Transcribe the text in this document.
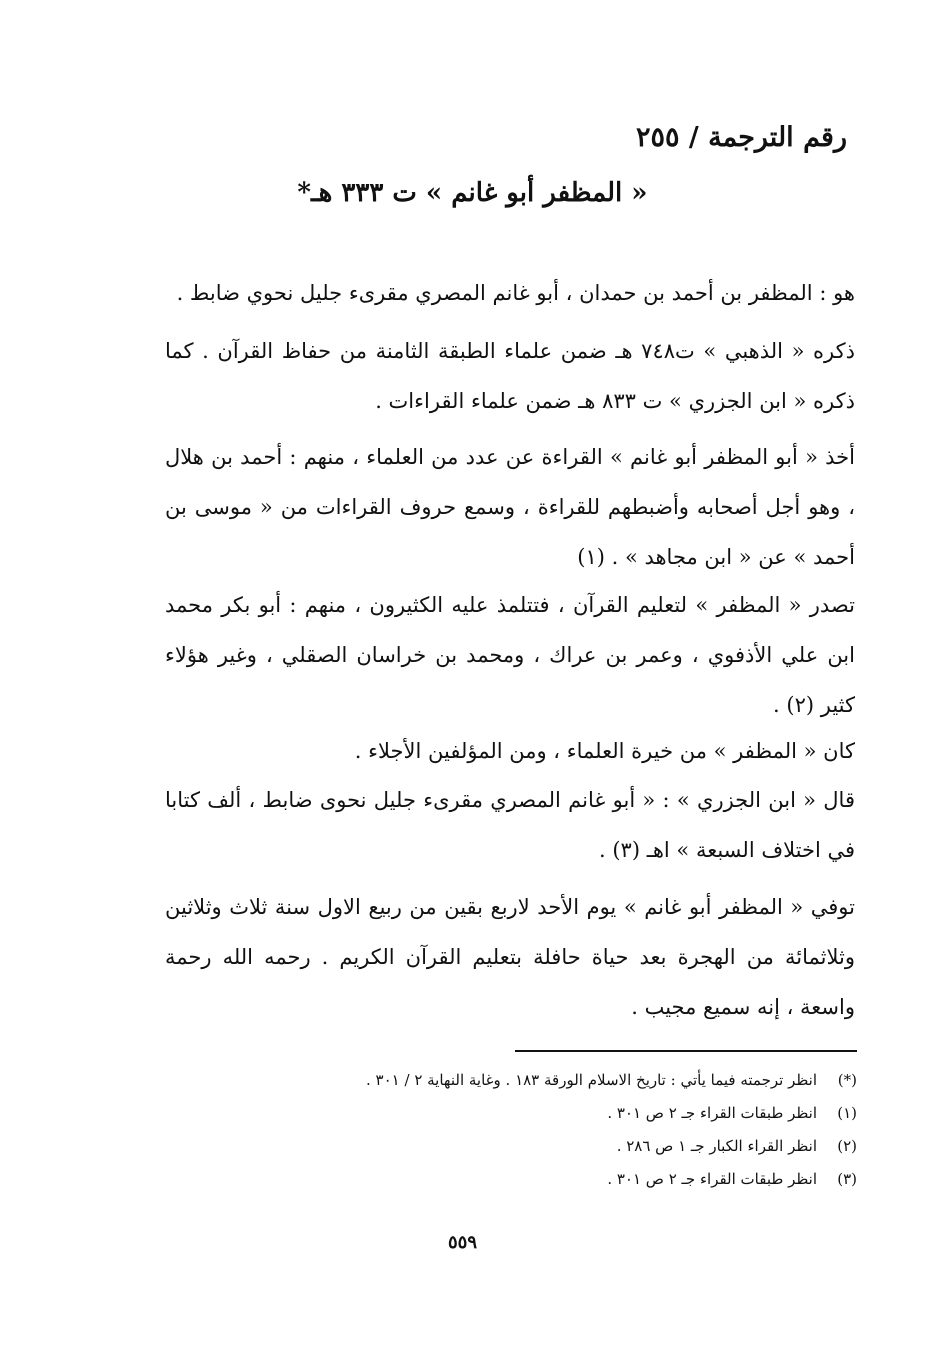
رقم الترجمة / ٢٥٥
« المظفر أبو غانم » ت ٣٣٣ هـ*

هو : المظفر بن أحمد بن حمدان ، أبو غانم المصري مقرىء جليل نحوي ضابط .

ذكره « الذهبي » ت٧٤٨ هـ ضمن علماء الطبقة الثامنة من حفاظ القرآن . كما ذكره « ابن الجزري » ت ٨٣٣ هـ ضمن علماء القراءات .

أخذ « أبو المظفر أبو غانم » القراءة عن عدد من العلماء ، منهم : أحمد بن هلال ، وهو أجل أصحابه وأضبطهم للقراءة ، وسمع حروف القراءات من « موسى بن أحمد » عن « ابن مجاهد » . (١)

تصدر « المظفر » لتعليم القرآن ، فتتلمذ عليه الكثيرون ، منهم : أبو بكر محمد ابن علي الأذفوي ، وعمر بن عراك ، ومحمد بن خراسان الصقلي ، وغير هؤلاء كثير (٢) .

كان « المظفر » من خيرة العلماء ، ومن المؤلفين الأجلاء .

قال « ابن الجزري » : « أبو غانم المصري مقرىء جليل نحوى ضابط ، ألف كتابا في اختلاف السبعة » اهـ (٣) .

توفي « المظفر أبو غانم » يوم الأحد لاربع بقين من ربيع الاول سنة ثلاث وثلاثين وثلاثمائة من الهجرة بعد حياة حافلة بتعليم القرآن الكريم . رحمه الله رحمة واسعة ، إنه سميع مجيب .

(*)انظر ترجمته فيما يأتي : تاريخ الاسلام الورقة ١٨٣ . وغاية النهاية ٢ / ٣٠١ .
(١)انظر طبقات القراء جـ ٢ ص ٣٠١ .
(٢)انظر القراء الكبار جـ ١ ص ٢٨٦ .
(٣)انظر طبقات القراء جـ ٢ ص ٣٠١ .
٥٥٩
